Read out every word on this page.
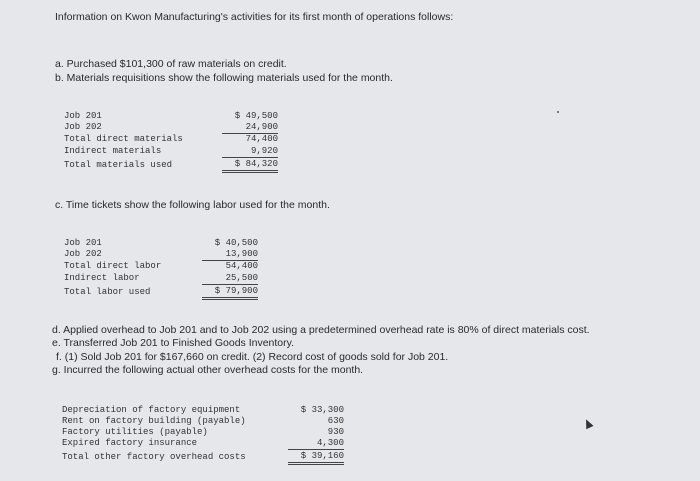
Information on Kwon Manufacturing's activities for its first month of operations follows:
a. Purchased $101,300 of raw materials on credit.
b. Materials requisitions show the following materials used for the month.
Job 201
Job 202
Total direct materials
Indirect materials
Total materials used
$ 49,500
24,900
74,400
9,920
$ 84,320
c. Time tickets show the following labor used for the month.
Job 201
Job 202
Total direct labor
Indirect labor
Total labor used
$ 40,500
13,900
54,400
25,500
$ 79,900
d. Applied overhead to Job 201 and to Job 202 using a predetermined overhead rate is 80% of direct materials cost.
e. Transferred Job 201 to Finished Goods Inventory.
f. (1) Sold Job 201 for $167,660 on credit. (2) Record cost of goods sold for Job 201.
g. Incurred the following actual other overhead costs for the month.
Depreciation of factory equipment
Rent on factory building (payable)
Factory utilities (payable)
Expired factory insurance
Total other factory overhead costs
$ 33,300
630
930
4,300
$ 39,160
